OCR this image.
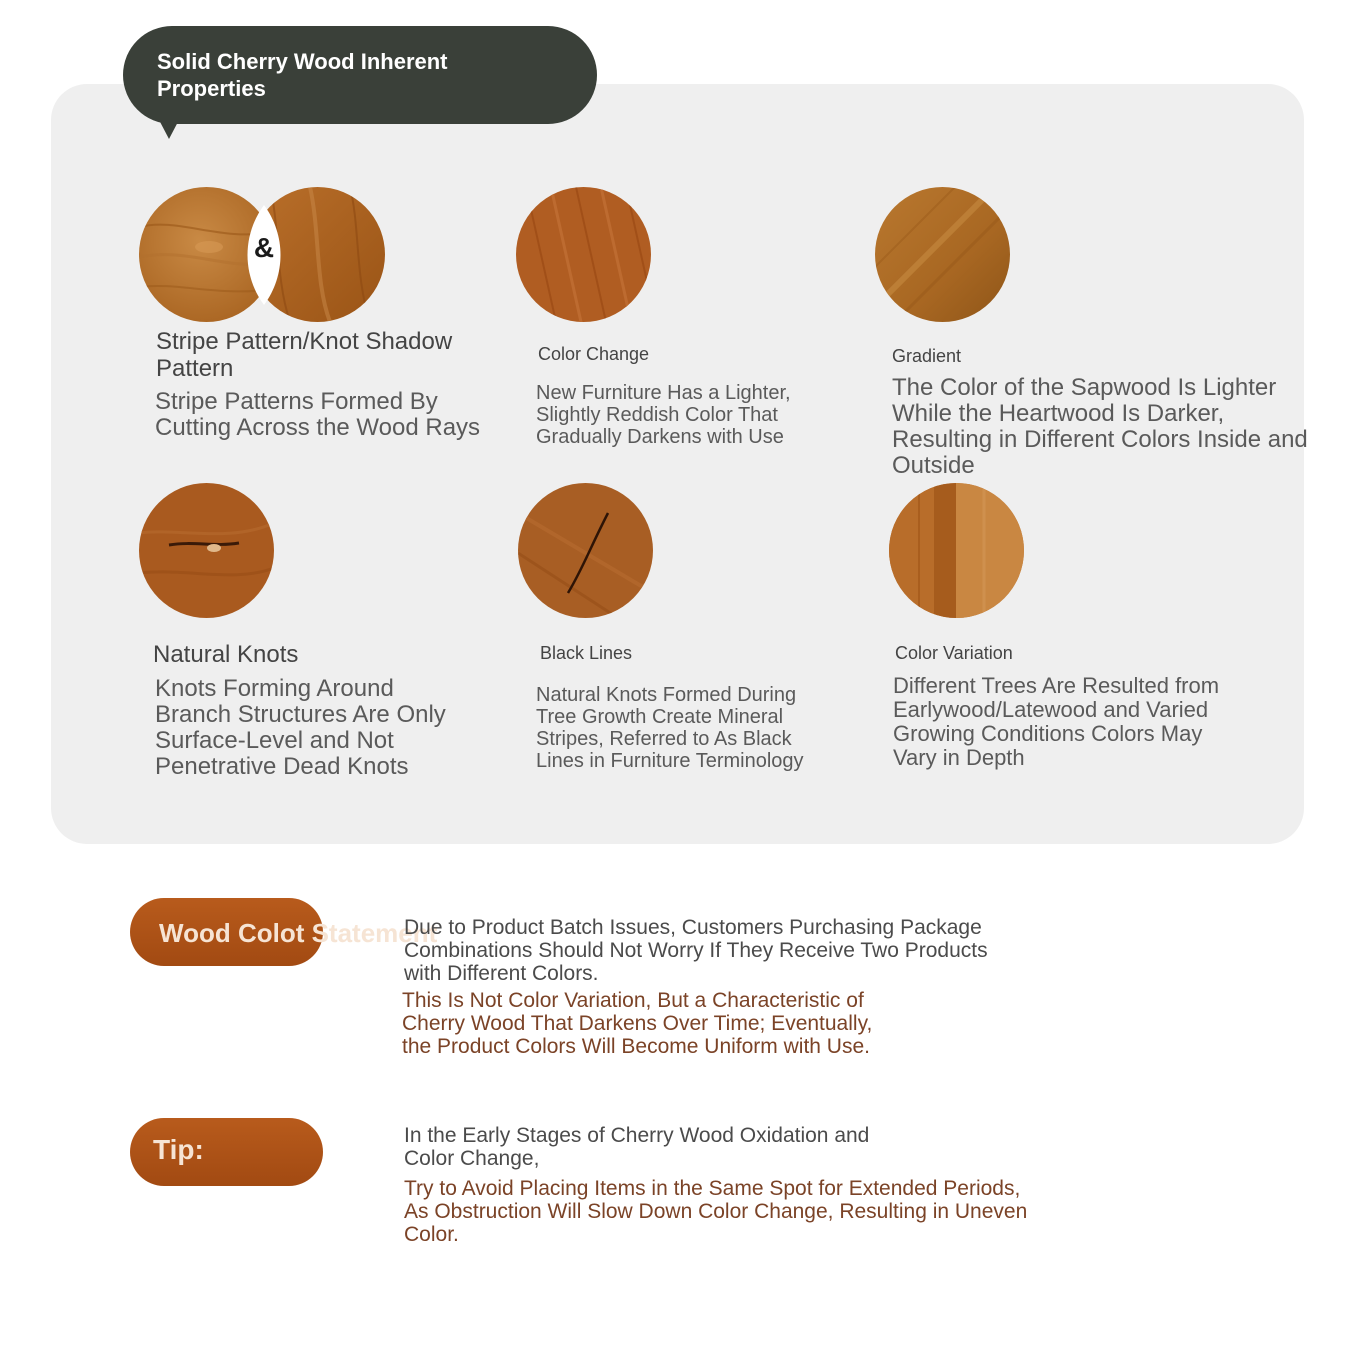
Solid Cherry Wood Inherent Properties
&
Stripe Pattern/Knot Shadow Pattern
Stripe Patterns Formed By Cutting Across the Wood Rays
Color Change
New Furniture Has a Lighter, Slightly Reddish Color That Gradually Darkens with Use
Gradient
The Color of the Sapwood Is Lighter While the Heartwood Is Darker, Resulting in Different Colors Inside and Outside
Natural Knots
Knots Forming Around Branch Structures Are Only Surface-Level and Not Penetrative Dead Knots
Black Lines
Natural Knots Formed During Tree Growth Create Mineral Stripes, Referred to As Black Lines in Furniture Terminology
Color Variation
Different Trees Are Resulted from Earlywood/Latewood and Varied Growing Conditions Colors May Vary in Depth
Wood Colot Statement
Due to Product Batch Issues, Customers Purchasing Package Combinations Should Not Worry If They Receive Two Products with Different Colors.
This Is Not Color Variation, But a Characteristic of Cherry Wood That Darkens Over Time; Eventually, the Product Colors Will Become Uniform with Use.
Tip:	In the Early Stages of Cherry Wood Oxidation and Color Change,
Try to Avoid Placing Items in the Same Spot for Extended Periods, As Obstruction Will Slow Down Color Change, Resulting in Uneven Color.
